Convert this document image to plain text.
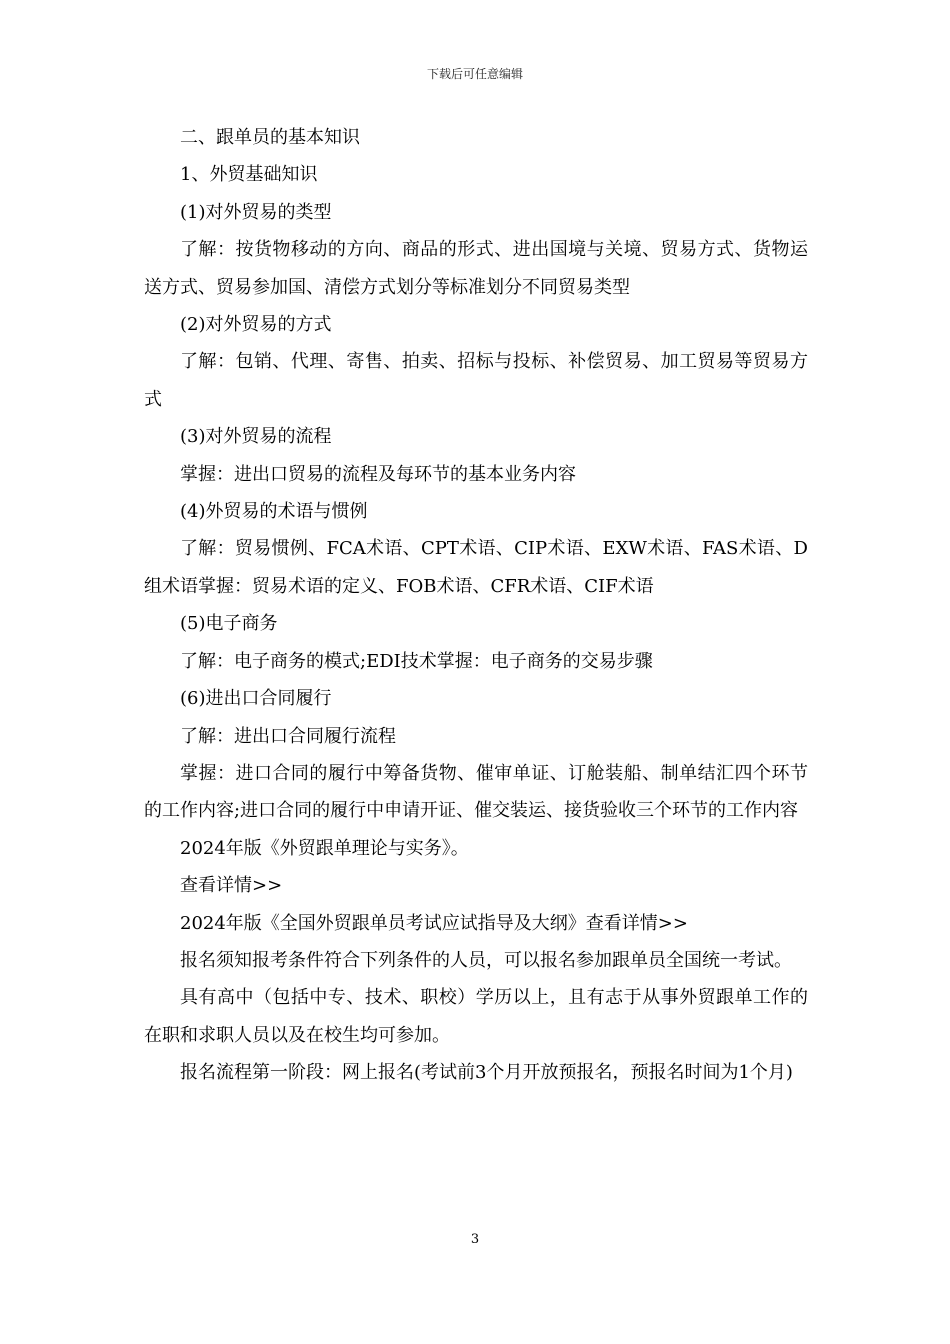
下载后可任意编辑

二、跟单员的基本知识

1、外贸基础知识

(1)对外贸易的类型

了解：按货物移动的方向、商品的形式、进出国境与关境、贸易方式、货物运送方式、贸易参加国、清偿方式划分等标准划分不同贸易类型

(2)对外贸易的方式

了解：包销、代理、寄售、拍卖、招标与投标、补偿贸易、加工贸易等贸易方式

(3)对外贸易的流程

掌握：进出口贸易的流程及每环节的基本业务内容

(4)外贸易的术语与惯例

了解：贸易惯例、FCA术语、CPT术语、CIP术语、EXW术语、FAS术语、D组术语掌握：贸易术语的定义、FOB术语、CFR术语、CIF术语

(5)电子商务

了解：电子商务的模式;EDI技术掌握：电子商务的交易步骤

(6)进出口合同履行

了解：进出口合同履行流程

掌握：进口合同的履行中筹备货物、催审单证、订舱装船、制单结汇四个环节的工作内容;进口合同的履行中申请开证、催交装运、接货验收三个环节的工作内容

2024年版《外贸跟单理论与实务》。

查看详情>>

2024年版《全国外贸跟单员考试应试指导及大纲》查看详情>>

报名须知报考条件符合下列条件的人员，可以报名参加跟单员全国统一考试。

具有高中（包括中专、技术、职校）学历以上，且有志于从事外贸跟单工作的在职和求职人员以及在校生均可参加。

报名流程第一阶段：网上报名(考试前3个月开放预报名，预报名时间为1个月)

3
